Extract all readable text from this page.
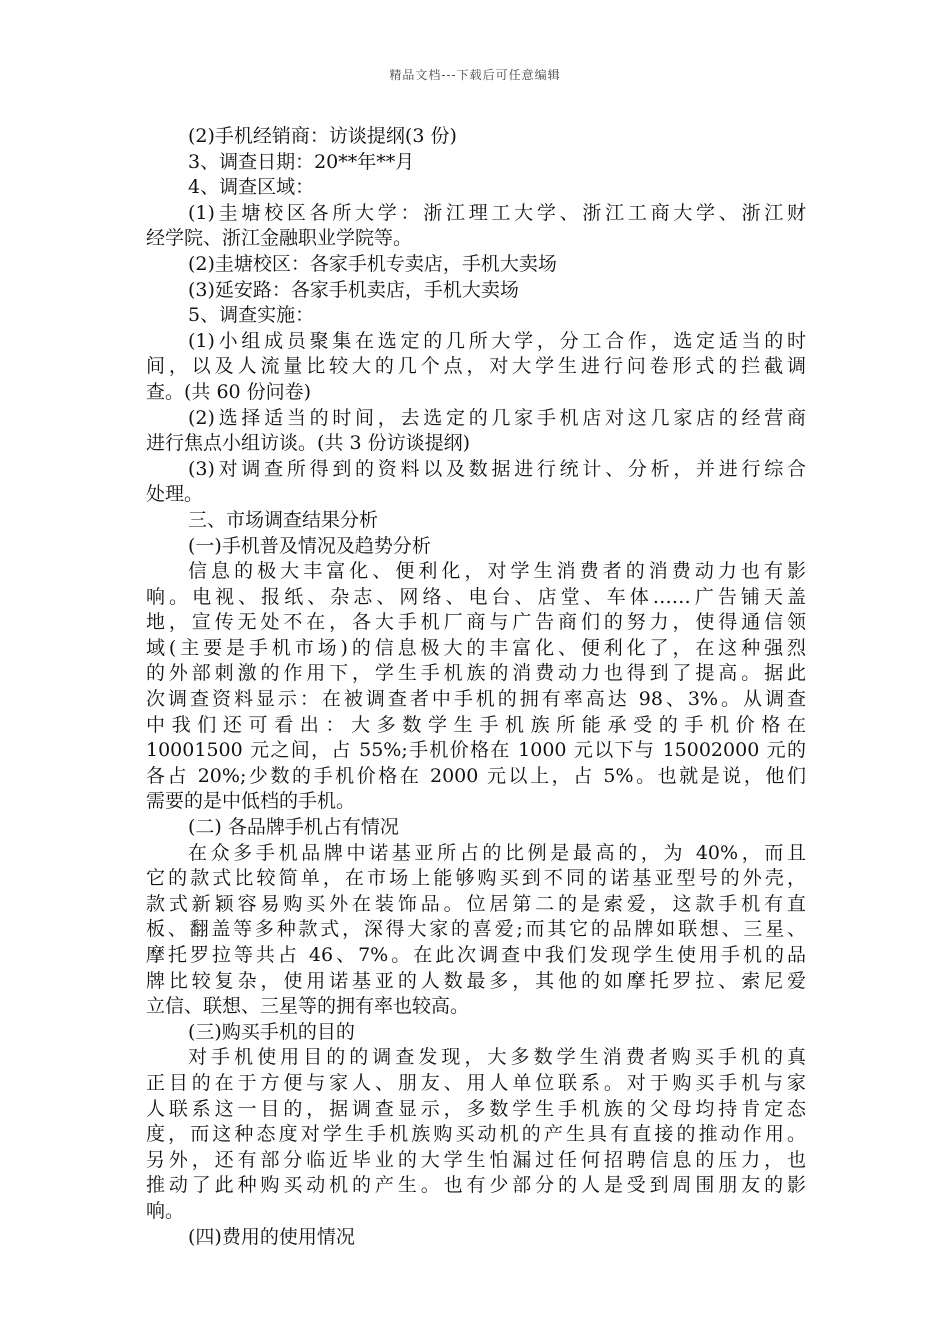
精品文档---下载后可任意编辑
(2)手机经销商：访谈提纲(3 份)
3、调查日期：20**年**月
4、调查区域：
(1)圭塘校区各所大学：浙江理工大学、浙江工商大学、浙江财
经学院、浙江金融职业学院等。
(2)圭塘校区：各家手机专卖店，手机大卖场
(3)延安路：各家手机卖店，手机大卖场
5、调查实施：
(1)小组成员聚集在选定的几所大学，分工合作，选定适当的时
间，以及人流量比较大的几个点，对大学生进行问卷形式的拦截调
查。(共 60 份问卷)
(2)选择适当的时间，去选定的几家手机店对这几家店的经营商
进行焦点小组访谈。(共 3 份访谈提纲)
(3)对调查所得到的资料以及数据进行统计、分析，并进行综合
处理。
三、市场调查结果分析
(一)手机普及情况及趋势分析
信息的极大丰富化、便利化，对学生消费者的消费动力也有影
响。电视、报纸、杂志、网络、电台、店堂、车体……广告铺天盖
地，宣传无处不在，各大手机厂商与广告商们的努力，使得通信领
域(主要是手机市场)的信息极大的丰富化、便利化了，在这种强烈
的外部刺激的作用下，学生手机族的消费动力也得到了提高。据此
次调查资料显示：在被调查者中手机的拥有率高达 98、3%。从调查
中我们还可看出：大多数学生手机族所能承受的手机价格在
10001500 元之间，占 55%;手机价格在 1000 元以下与 15002000 元的
各占 20%;少数的手机价格在 2000 元以上，占 5%。也就是说，他们
需要的是中低档的手机。
(二) 各品牌手机占有情况
在众多手机品牌中诺基亚所占的比例是最高的，为 40%，而且
它的款式比较简单，在市场上能够购买到不同的诺基亚型号的外壳，
款式新颖容易购买外在装饰品。位居第二的是索爱，这款手机有直
板、翻盖等多种款式，深得大家的喜爱;而其它的品牌如联想、三星、
摩托罗拉等共占 46、7%。在此次调查中我们发现学生使用手机的品
牌比较复杂，使用诺基亚的人数最多，其他的如摩托罗拉、索尼爱
立信、联想、三星等的拥有率也较高。
(三)购买手机的目的
对手机使用目的的调查发现，大多数学生消费者购买手机的真
正目的在于方便与家人、朋友、用人单位联系。对于购买手机与家
人联系这一目的，据调查显示，多数学生手机族的父母均持肯定态
度，而这种态度对学生手机族购买动机的产生具有直接的推动作用。
另外，还有部分临近毕业的大学生怕漏过任何招聘信息的压力，也
推动了此种购买动机的产生。也有少部分的人是受到周围朋友的影
响。
(四)费用的使用情况
